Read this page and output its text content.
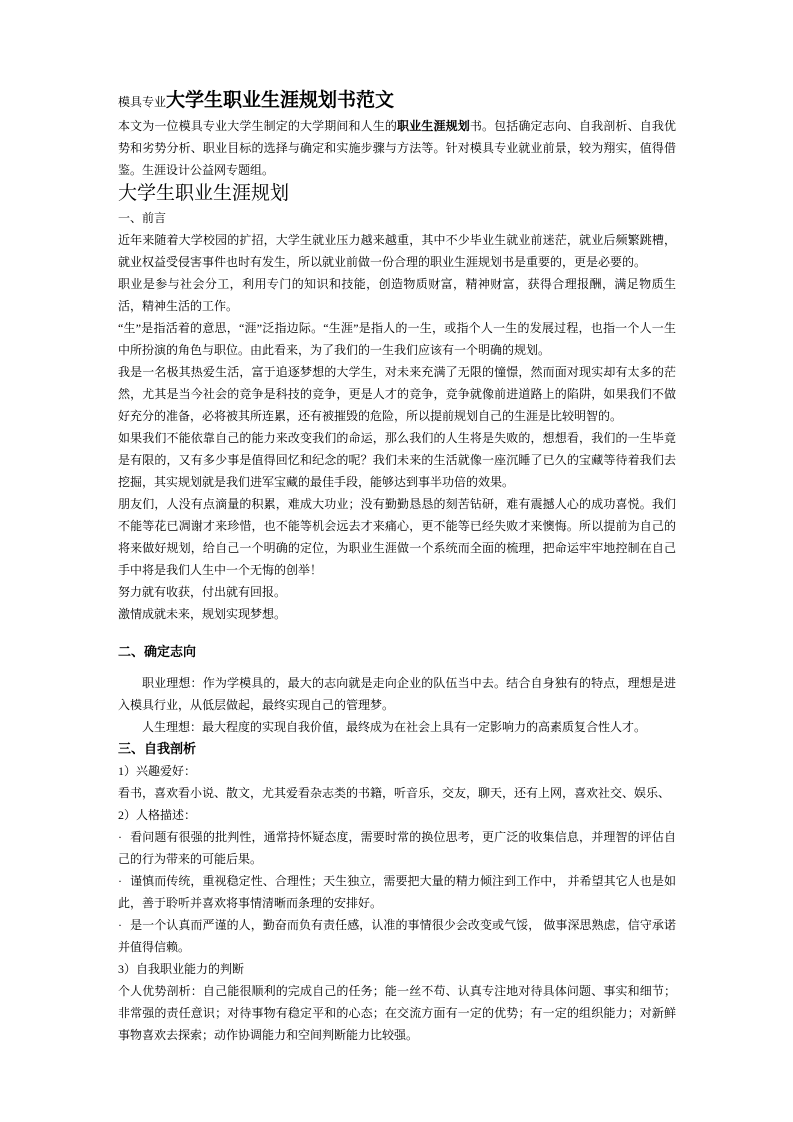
模具专业大学生职业生涯规划书范文

本文为一位模具专业大学生制定的大学期间和人生的职业生涯规划书。包括确定志向、自我剖析、自我优势和劣势分析、职业目标的选择与确定和实施步骤与方法等。针对模具专业就业前景，较为翔实，值得借鉴。生涯设计公益网专题组。

大学生职业生涯规划

一、前言

近年来随着大学校园的扩招，大学生就业压力越来越重，其中不少毕业生就业前迷茫，就业后频繁跳槽，就业权益受侵害事件也时有发生，所以就业前做一份合理的职业生涯规划书是重要的，更是必要的。

职业是参与社会分工，利用专门的知识和技能，创造物质财富，精神财富，获得合理报酬，满足物质生活，精神生活的工作。

“生”是指活着的意思，“涯”泛指边际。“生涯”是指人的一生，或指个人一生的发展过程，也指一个人一生中所扮演的角色与职位。由此看来，为了我们的一生我们应该有一个明确的规划。

我是一名极其热爱生活，富于追逐梦想的大学生，对未来充满了无限的憧憬，然而面对现实却有太多的茫然，尤其是当今社会的竞争是科技的竞争，更是人才的竞争，竞争就像前进道路上的陷阱，如果我们不做好充分的准备，必将被其所连累，还有被摧毁的危险，所以提前规划自己的生涯是比较明智的。

如果我们不能依靠自己的能力来改变我们的命运，那么我们的人生将是失败的，想想看，我们的一生毕竟是有限的，又有多少事是值得回忆和纪念的呢？我们未来的生活就像一座沉睡了已久的宝藏等待着我们去挖掘，其实规划就是我们进军宝藏的最佳手段，能够达到事半功倍的效果。

朋友们，人没有点滴量的积累，难成大功业；没有勤勤恳恳的刻苦钻研，难有震撼人心的成功喜悦。我们不能等花已凋谢才来珍惜，也不能等机会远去才来痛心，更不能等已经失败才来懊悔。所以提前为自己的将来做好规划，给自己一个明确的定位，为职业生涯做一个系统而全面的梳理，把命运牢牢地控制在自己手中将是我们人生中一个无悔的创举！

努力就有收获，付出就有回报。

激情成就未来，规划实现梦想。

二、确定志向

职业理想：作为学模具的，最大的志向就是走向企业的队伍当中去。结合自身独有的特点，理想是进入模具行业，从低层做起，最终实现自己的管理梦。

人生理想：最大程度的实现自我价值，最终成为在社会上具有一定影响力的高素质复合性人才。

三、自我剖析

1）兴趣爱好：

看书，喜欢看小说、散文，尤其爱看杂志类的书籍，听音乐，交友，聊天，还有上网，喜欢社交、娱乐、

2）人格描述：

· 看问题有很强的批判性，通常持怀疑态度，需要时常的换位思考，更广泛的收集信息，并理智的评估自己的行为带来的可能后果。

· 谨慎而传统，重视稳定性、合理性；天生独立，需要把大量的精力倾注到工作中， 并希望其它人也是如此，善于聆听并喜欢将事情清晰而条理的安排好。

· 是一个认真而严谨的人，勤奋而负有责任感，认准的事情很少会改变或气馁， 做事深思熟虑，信守承诺并值得信赖。

3）自我职业能力的判断

个人优势剖析：自己能很顺利的完成自己的任务；能一丝不苟、认真专注地对待具体问题、事实和细节；非常强的责任意识；对待事物有稳定平和的心态；在交流方面有一定的优势；有一定的组织能力；对新鲜事物喜欢去探索；动作协调能力和空间判断能力比较强。
